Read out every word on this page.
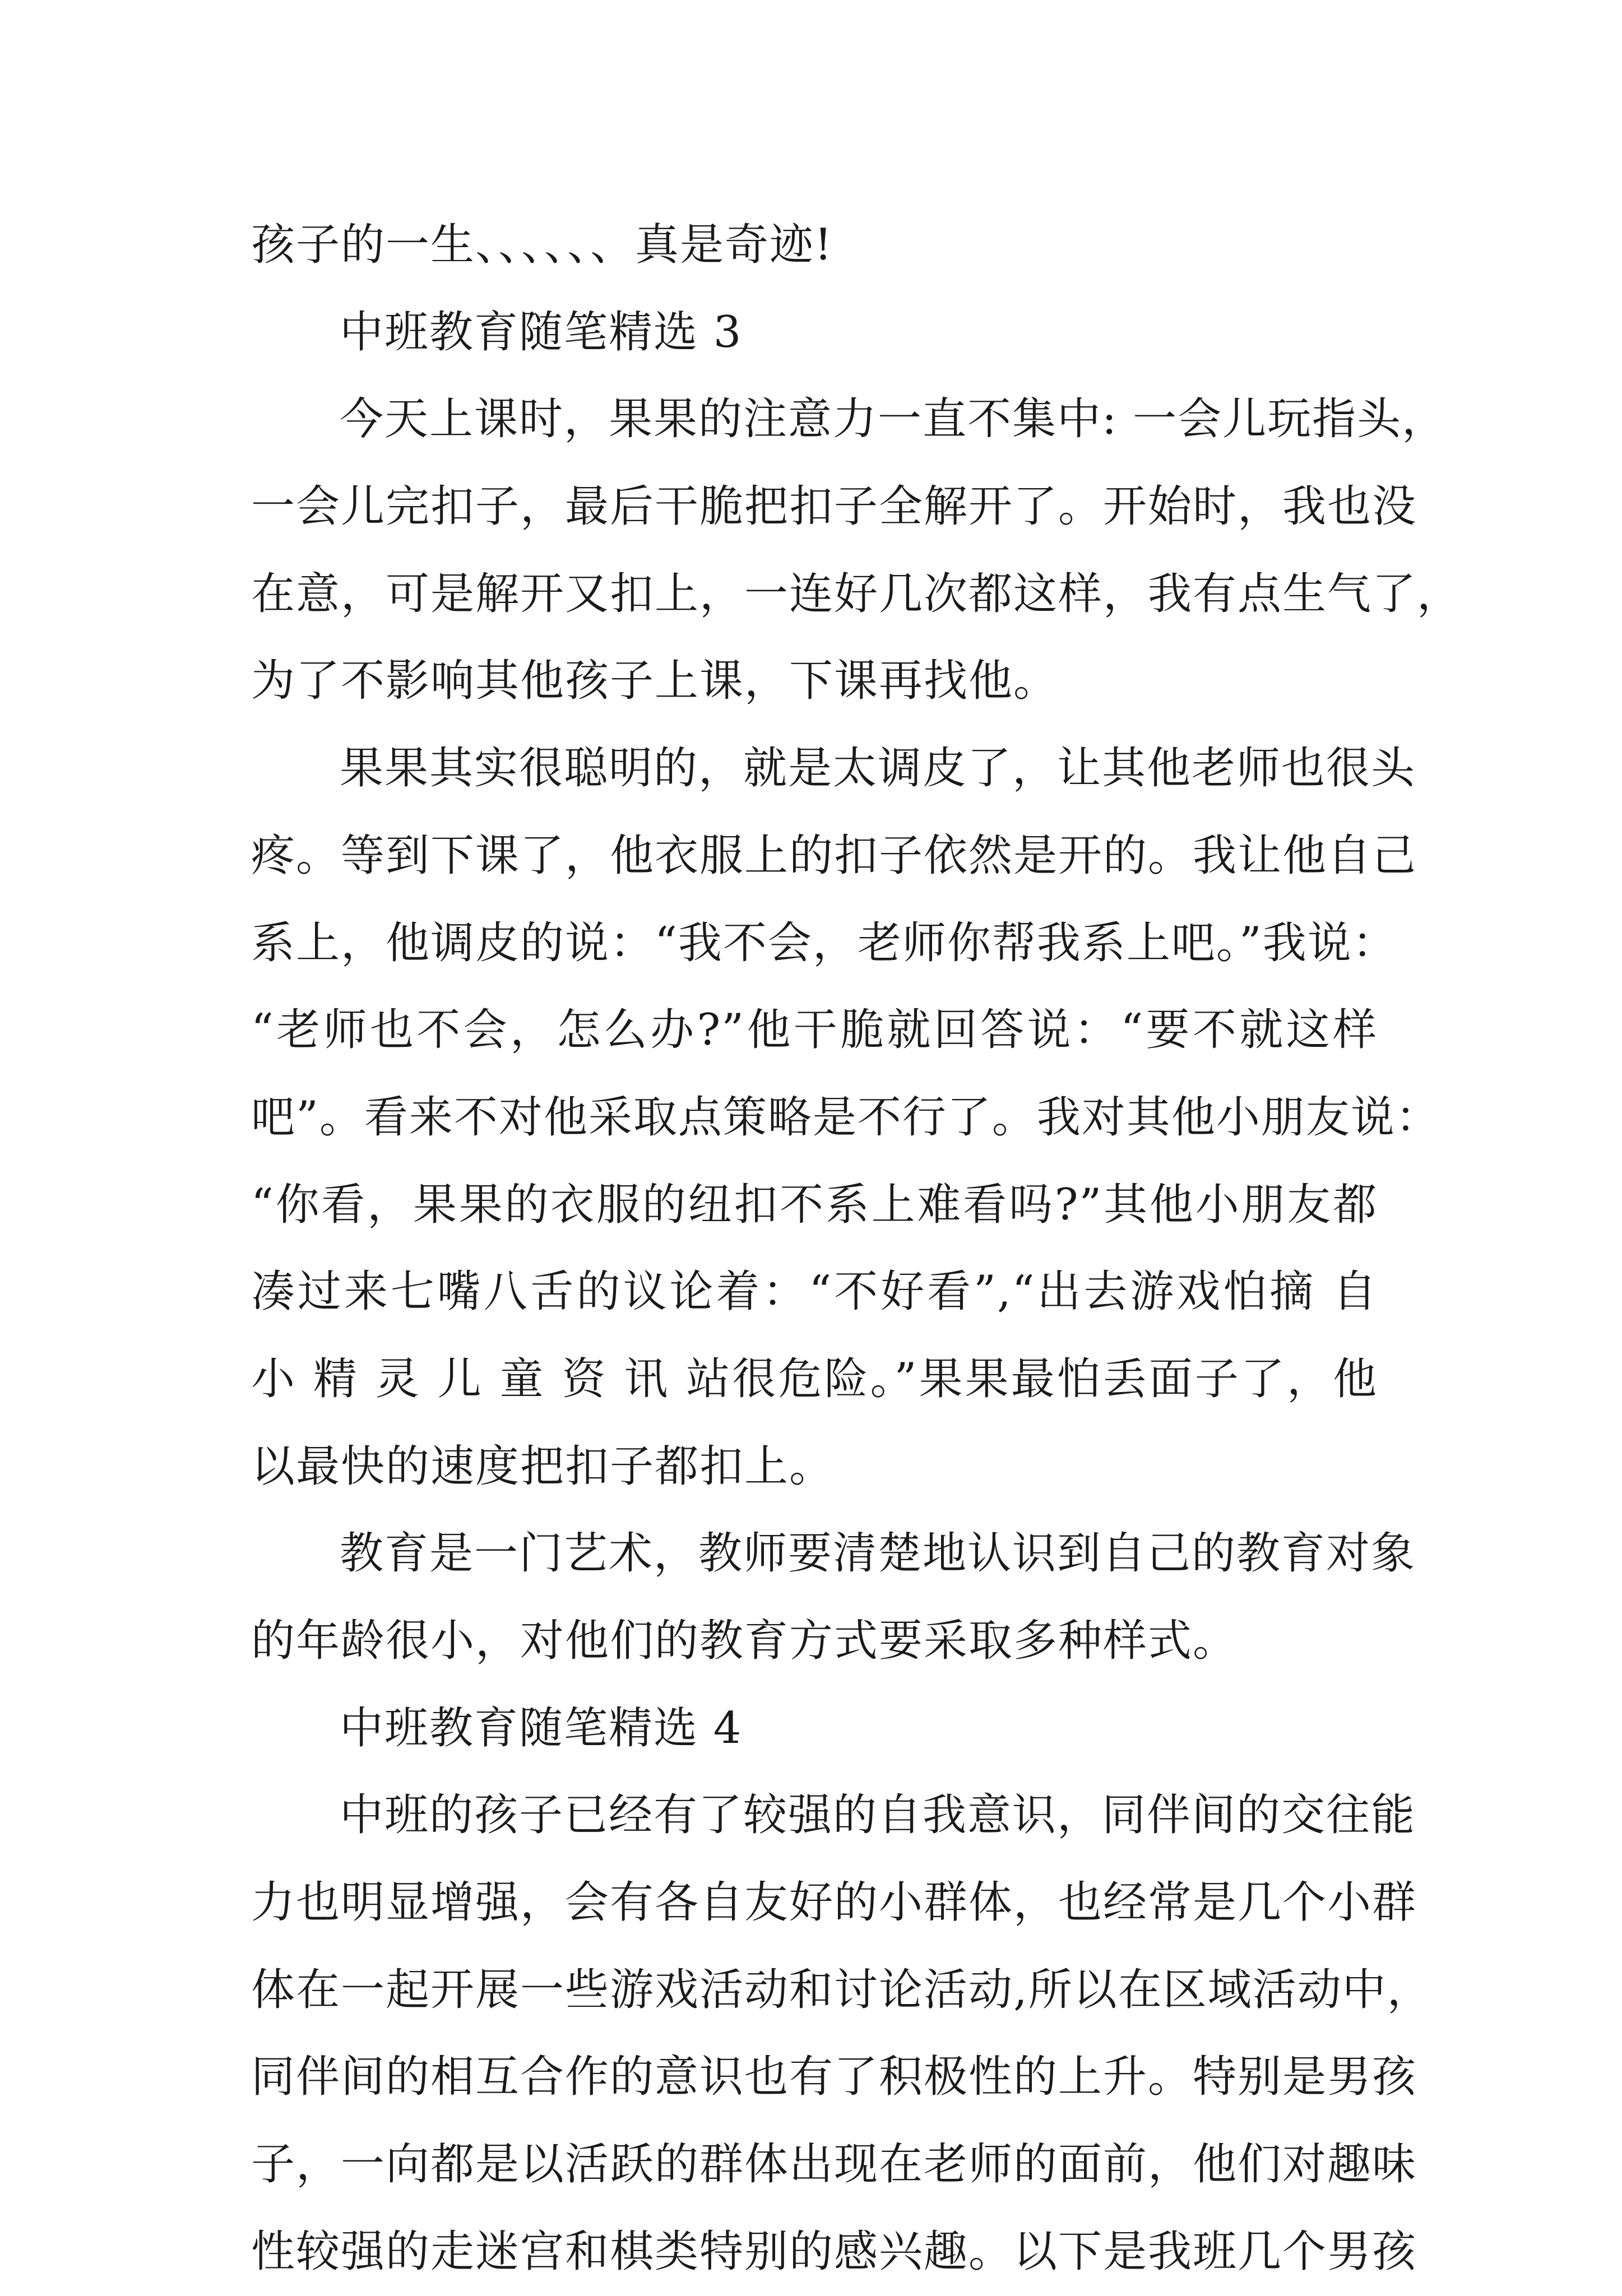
孩子的一生、、、、、、真是奇迹!
中班教育随笔精选 3
今天上课时，果果的注意力一直不集中: 一会儿玩指头，
一会儿完扣子，最后干脆把扣子全解开了。开始时，我也没
在意，可是解开又扣上，一连好几次都这样，我有点生气了，
为了不影响其他孩子上课，下课再找他。
果果其实很聪明的，就是太调皮了，让其他老师也很头
疼。等到下课了，他衣服上的扣子依然是开的。我让他自己
系上，他调皮的说：“我不会，老师你帮我系上吧。”我说：
“老师也不会，怎么办?”他干脆就回答说：“要不就这样
吧”。看来不对他采取点策略是不行了。我对其他小朋友说：
“你看，果果的衣服的纽扣不系上难看吗?”其他小朋友都
凑过来七嘴八舌的议论着：“不好看”,“出去游戏怕摘 自
小 精 灵 儿 童 资 讯 站很危险。”果果最怕丢面子了，他
以最快的速度把扣子都扣上。
教育是一门艺术，教师要清楚地认识到自己的教育对象
的年龄很小，对他们的教育方式要采取多种样式。
中班教育随笔精选 4
中班的孩子已经有了较强的自我意识，同伴间的交往能
力也明显增强，会有各自友好的小群体，也经常是几个小群
体在一起开展一些游戏活动和讨论活动,所以在区域活动中，
同伴间的相互合作的意识也有了积极性的上升。特别是男孩
子，一向都是以活跃的群体出现在老师的面前，他们对趣味
性较强的走迷宫和棋类特别的感兴趣。以下是我班几个男孩
